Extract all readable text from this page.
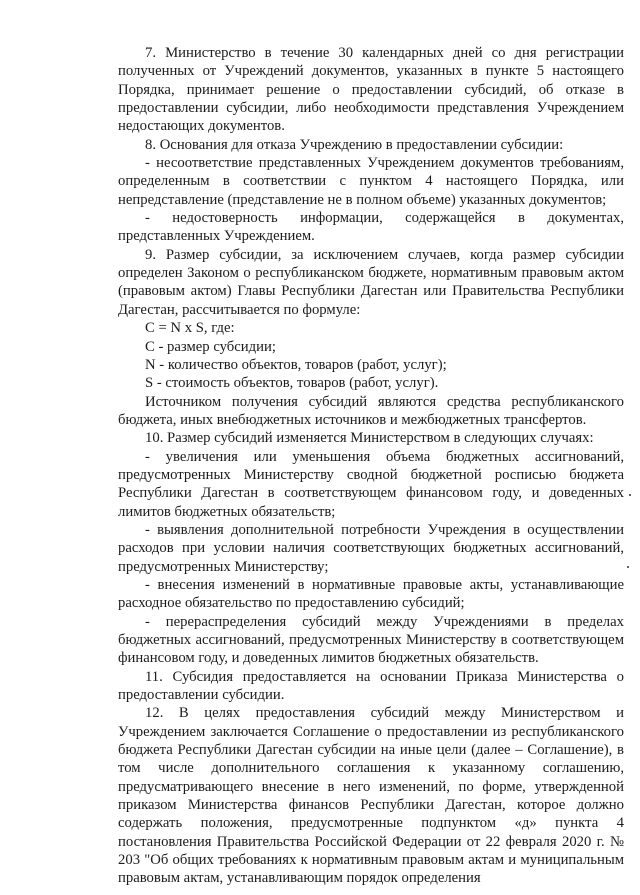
7. Министерство в течение 30 календарных дней со дня регистрации полученных от Учреждений документов, указанных в пункте 5 настоящего Порядка, принимает решение о предоставлении субсидий, об отказе в предоставлении субсидии, либо необходимости представления Учреждением недостающих документов.

8. Основания для отказа Учреждению в предоставлении субсидии:

- несоответствие представленных Учреждением документов требованиям, определенным в соответствии с пунктом 4 настоящего Порядка, или непредставление (представление не в полном объеме) указанных документов;

- недостоверность информации, содержащейся в документах, представленных Учреждением.

9. Размер субсидии, за исключением случаев, когда размер субсидии определен Законом о республиканском бюджете, нормативным правовым актом (правовым актом) Главы Республики Дагестан или Правительства Республики Дагестан, рассчитывается по формуле:

C = N x S, где:

C - размер субсидии;

N - количество объектов, товаров (работ, услуг);

S - стоимость объектов, товаров (работ, услуг).

Источником получения субсидий являются средства республиканского бюджета, иных внебюджетных источников и межбюджетных трансфертов.

10. Размер субсидий изменяется Министерством в следующих случаях:

- увеличения или уменьшения объема бюджетных ассигнований, предусмотренных Министерству сводной бюджетной росписью бюджета Республики Дагестан в соответствующем финансовом году, и доведенных лимитов бюджетных обязательств;

- выявления дополнительной потребности Учреждения в осуществлении расходов при условии наличия соответствующих бюджетных ассигнований, предусмотренных Министерству;

- внесения изменений в нормативные правовые акты, устанавливающие расходное обязательство по предоставлению субсидий;

- перераспределения субсидий между Учреждениями в пределах бюджетных ассигнований, предусмотренных Министерству в соответствующем финансовом году, и доведенных лимитов бюджетных обязательств.

11. Субсидия предоставляется на основании Приказа Министерства о предоставлении субсидии.

12. В целях предоставления субсидий между Министерством и Учреждением заключается Соглашение о предоставлении из республиканского бюджета Республики Дагестан субсидии на иные цели (далее – Соглашение), в том числе дополнительного соглашения к указанному соглашению, предусматривающего внесение в него изменений, по форме, утвержденной приказом Министерства финансов Республики Дагестан, которое должно содержать положения, предусмотренные подпунктом «д» пункта 4 постановления Правительства Российской Федерации от 22 февраля 2020 г. № 203 "Об общих требованиях к нормативным правовым актам и муниципальным правовым актам, устанавливающим порядок определения
